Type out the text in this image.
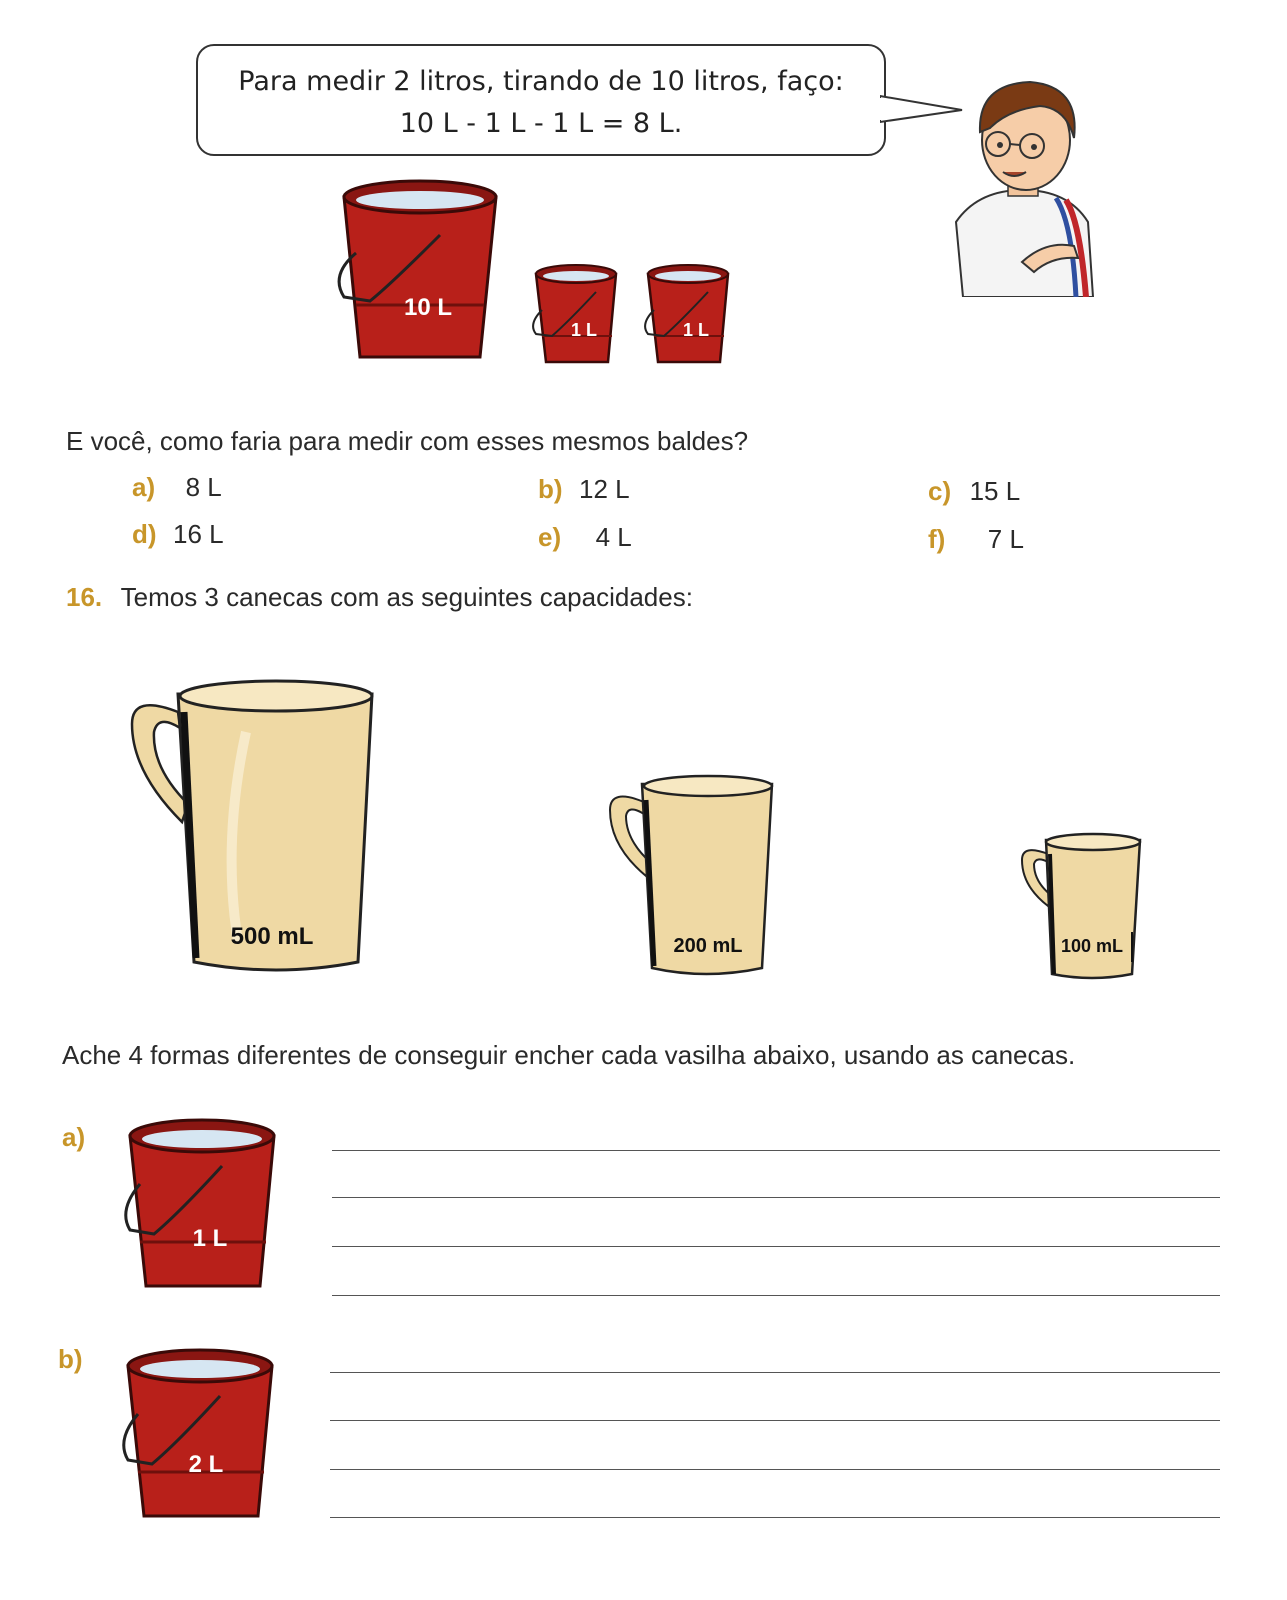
Para medir 2 litros, tirando de 10 litros, faço:
10 L - 1 L - 1 L = 8 L.
10 L
1 L	1 L
E você, como faria para medir com esses mesmos baldes?
a) 8 L	b) 12 L	c) 15 L
d) 16 L	e) 4 L	f) 7 L
16. Temos 3 canecas com as seguintes capacidades:
500 mL	200 mL	100 mL
Ache 4 formas diferentes de conseguir encher cada vasilha abaixo, usando as canecas.
a)
1 L
b)
2 L
